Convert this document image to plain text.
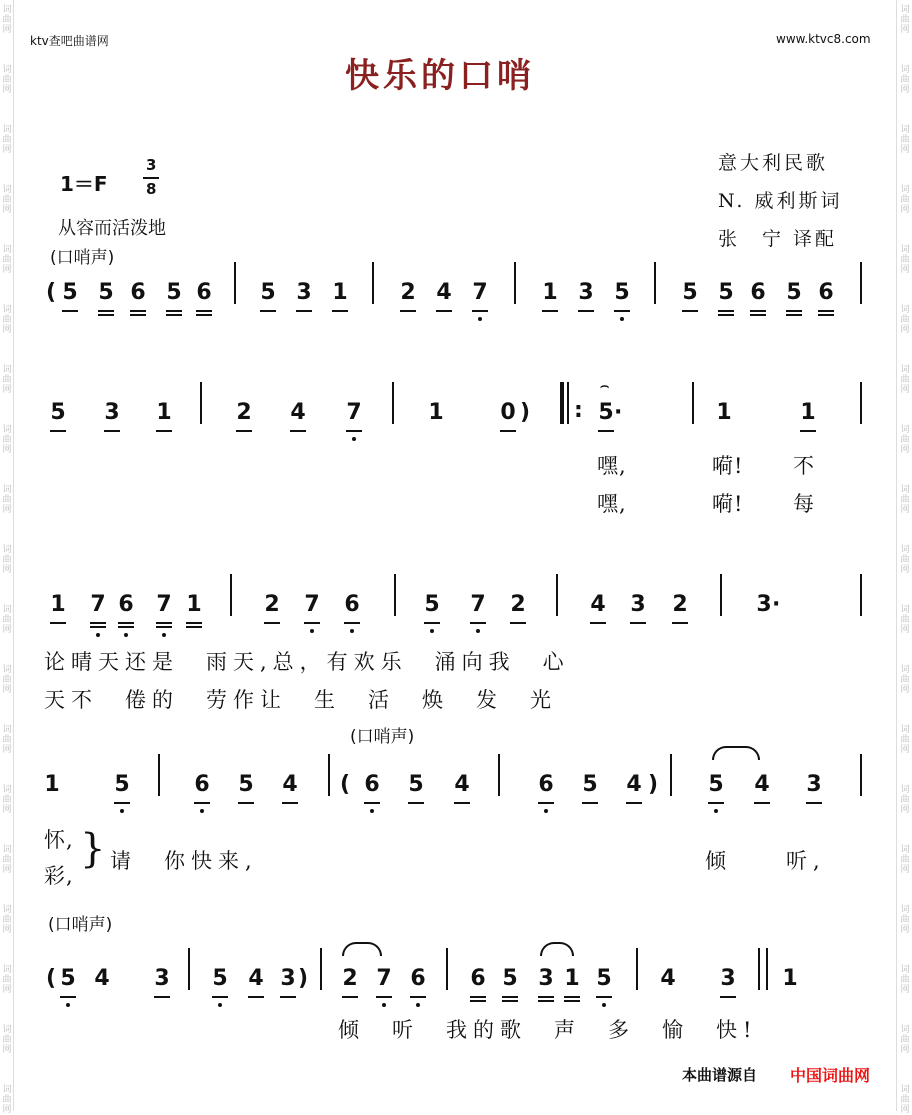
词
曲
网
词
曲
网
词
曲
网
词
曲
网
词
曲
网
词
曲
网
词
曲
网
词
曲
网
词
曲
网
词
曲
网
词
曲
网
词
曲
网
词
曲
网
词
曲
网
词
曲
网
词
曲
网
词
曲
网
词
曲
网
词
曲
网
词
曲
网
词
曲
网
词
曲
网
词
曲
网
词
曲
网
词
曲
网
词
曲
网
词
曲
网
词
曲
网
词
曲
网
词
曲
网
词
曲
网
词
曲
网
词
曲
网
词
曲
网
词
曲
网
词
曲
网
词
曲
网
词
曲
网
ktv查吧曲谱网	www.ktvc8.com
快乐的口哨
意大利民歌
N. 威利斯词
张　宁 译配
1＝F
3
8
从容而活泼地
(口哨声)
( 5 5 6 5 6 5 3 1 2 4 7 1 3 5 5 5 6 5 6
5 3 1	2 4 7	1	0 ) : 5 ·
⌢
1	1
1 7 6 7 1	2 7 6	5 7 2	4 3 2	3 ·
1 5	6 5 4 ( 6 5 4	6 5 4 ) 5 4 3
( 5 4 3 5 4 3 ) 2 7 6 6 5 3 1 5 4 3 1
嘿,	嗬! 不
嘿,	嗬! 每
论晴天还是　雨天,总，有欢乐　涌向我　心
天不　倦的　劳作让　生　活　焕　发　光
(口哨声)
怀,
彩,
} 请　你快来,	倾　　听,
(口哨声)
倾　听　我的歌　声　多　愉　快!
本曲谱源自 中国词曲网
